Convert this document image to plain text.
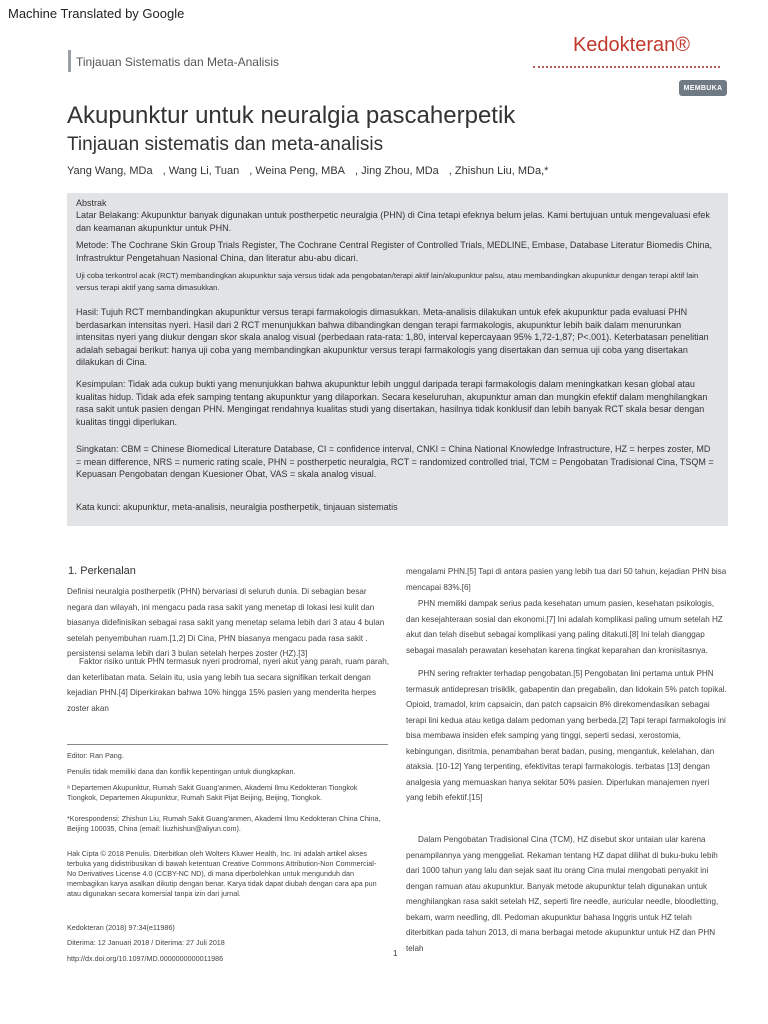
Machine Translated by Google
Tinjauan Sistematis dan Meta-Analisis
Kedokteran®
MEMBUKA
Akupunktur untuk neuralgia pascaherpetik
Tinjauan sistematis dan meta-analisis
Yang Wang, MDa , Wang Li, Tuan , Weina Peng, MBA , Jing Zhou, MDa , Zhishun Liu, MDa,*
Abstrak
Latar Belakang: Akupunktur banyak digunakan untuk postherpetic neuralgia (PHN) di Cina tetapi efeknya belum jelas. Kami bertujuan untuk mengevaluasi efek dan keamanan akupunktur untuk PHN.
Metode: The Cochrane Skin Group Trials Register, The Cochrane Central Register of Controlled Trials, MEDLINE, Embase, Database Literatur Biomedis China, Infrastruktur Pengetahuan Nasional China, dan literatur abu-abu dicari.
Uji coba terkontrol acak (RCT) membandingkan akupunktur saja versus tidak ada pengobatan/terapi aktif lain/akupunktur palsu, atau membandingkan akupunktur dengan terapi aktif lain versus terapi aktif yang sama dimasukkan.
Hasil: Tujuh RCT membandingkan akupunktur versus terapi farmakologis dimasukkan. Meta-analisis dilakukan untuk efek akupunktur pada evaluasi PHN berdasarkan intensitas nyeri. Hasil dari 2 RCT menunjukkan bahwa dibandingkan dengan terapi farmakologis, akupunktur lebih baik dalam menurunkan intensitas nyeri yang diukur dengan skor skala analog visual (perbedaan rata-rata: 1,80, interval kepercayaan 95% 1,72-1,87; P<.001). Keterbatasan penelitian adalah sebagai berikut: hanya uji coba yang membandingkan akupunktur versus terapi farmakologis yang disertakan dan semua uji coba yang disertakan dilakukan di Cina.
Kesimpulan: Tidak ada cukup bukti yang menunjukkan bahwa akupunktur lebih unggul daripada terapi farmakologis dalam meningkatkan kesan global atau kualitas hidup. Tidak ada efek samping tentang akupunktur yang dilaporkan. Secara keseluruhan, akupunktur aman dan mungkin efektif dalam menghilangkan rasa sakit untuk pasien dengan PHN. Mengingat rendahnya kualitas studi yang disertakan, hasilnya tidak konklusif dan lebih banyak RCT skala besar dengan kualitas tinggi diperlukan.
Singkatan: CBM = Chinese Biomedical Literature Database, CI = confidence interval, CNKI = China National Knowledge Infrastructure, HZ = herpes zoster, MD = mean difference, NRS = numeric rating scale, PHN = postherpetic neuralgia, RCT = randomized controlled trial, TCM = Pengobatan Tradisional Cina, TSQM = Kepuasan Pengobatan dengan Kuesioner Obat, VAS = skala analog visual.
Kata kunci: akupunktur, meta-analisis, neuralgia postherpetik, tinjauan sistematis
1. Perkenalan
Definisi neuralgia postherpetik (PHN) bervariasi di seluruh dunia. Di sebagian besar negara dan wilayah, ini mengacu pada rasa sakit yang menetap di lokasi lesi kulit dan biasanya didefinisikan sebagai rasa sakit yang menetap selama lebih dari 3 atau 4 bulan setelah penyembuhan ruam.[1,2] Di Cina, PHN biasanya mengacu pada rasa sakit . persistensi selama lebih dari 3 bulan setelah herpes zoster (HZ).[3]
Faktor risiko untuk PHN termasuk nyeri prodromal, nyeri akut yang parah, ruam parah, dan keterlibatan mata. Selain itu, usia yang lebih tua secara signifikan terkait dengan kejadian PHN.[4] Diperkirakan bahwa 10% hingga 15% pasien yang menderita herpes zoster akan
mengalami PHN.[5] Tapi di antara pasien yang lebih tua dari 50 tahun, kejadian PHN bisa mencapai 83%.[6]
PHN memiliki dampak serius pada kesehatan umum pasien, kesehatan psikologis, dan kesejahteraan sosial dan ekonomi.[7] Ini adalah komplikasi paling umum setelah HZ akut dan telah disebut sebagai komplikasi yang paling ditakuti.[8] Ini telah dianggap sebagai masalah perawatan kesehatan karena tingkat keparahan dan kronisitasnya.
PHN sering refrakter terhadap pengobatan.[5] Pengobatan lini pertama untuk PHN termasuk antidepresan trisiklik, gabapentin dan pregabalin, dan lidokain 5% patch topikal. Opioid, tramadol, krim capsaicin, dan patch capsaicin 8% direkomendasikan sebagai terapi lini kedua atau ketiga dalam pedoman yang berbeda.[2] Tapi terapi farmakologis ini bisa membawa insiden efek samping yang tinggi, seperti sedasi, xerostomia, kebingungan, disritmia, penambahan berat badan, pusing, mengantuk, kelelahan, dan ataksia. [10-12] Yang terpenting, efektivitas terapi farmakologis. terbatas [13] dengan analgesia yang memuaskan hanya sekitar 50% pasien. Diperlukan manajemen nyeri yang lebih efektif.[15]
Dalam Pengobatan Tradisional Cina (TCM), HZ disebut skor untaian ular karena penampilannya yang menggeliat. Rekaman tentang HZ dapat dilihat di buku-buku lebih dari 1000 tahun yang lalu dan sejak saat itu orang Cina mulai mengobati penyakit ini dengan ramuan atau akupunktur. Banyak metode akupunktur telah digunakan untuk menghilangkan rasa sakit setelah HZ, seperti fire needle, auricular needle, bloodletting, bekam, warm needling, dll. Pedoman akupunktur bahasa Inggris untuk HZ telah diterbitkan pada tahun 2013, di mana berbagai metode akupunktur untuk HZ dan PHN telah
Editor: Ran Pang.
Penulis tidak memiliki dana dan konflik kepentingan untuk diungkapkan.
ᵃ Departemen Akupunktur, Rumah Sakit Guang'anmen, Akademi Ilmu Kedokteran Tiongkok Tiongkok, Departemen Akupunktur, Rumah Sakit Pijat Beijing, Beijing, Tiongkok.
*Korespondensi: Zhishun Liu, Rumah Sakit Guang'anmen, Akademi Ilmu Kedokteran China China, Beijing 100035, China (email: liuzhishun@aliyun.com).
Hak Cipta © 2018 Penulis. Diterbitkan oleh Wolters Kluwer Health, Inc. Ini adalah artikel akses terbuka yang didistribusikan di bawah ketentuan Creative Commons Attribution-Non Commercial-No Derivatives License 4.0 (CCBY-NC ND), di mana diperbolehkan untuk mengunduh dan membagikan karya asalkan dikutip dengan benar. Karya tidak dapat diubah dengan cara apa pun atau digunakan secara komersial tanpa izin dari jurnal.
Kedokteran (2018) 97:34(e11986)
Diterima: 12 Januari 2018 / Diterima: 27 Juli 2018
http://dx.doi.org/10.1097/MD.0000000000011986
1
